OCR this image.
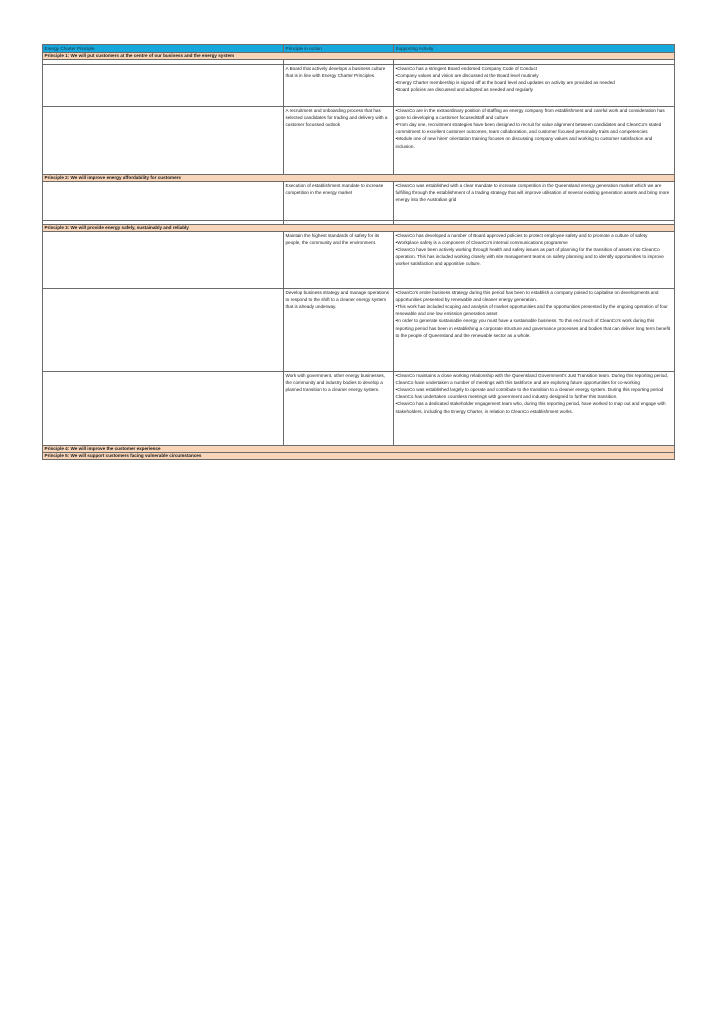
Energy Charter Principle	Principle in Action	Supporting Activity
Principle 1: We will put customers at the centre of our business and the energy system		

	A Board that actively develops a business culture that is in line with Energy Charter Principles.	•CleanCo has a stringent Board endorsed Company Code of Conduct
•Company values and vision are discussed at the Board level routinely
•Energy Charter membership is signed off at the board level and updates on activity are provided as needed
•Board policies are discussed and adopted as needed and regularly
	A recruitment and onboarding process that has selected candidates for trading and delivery with a customer focussed outlook	•CleanCo are in the extraordinary position of staffing an energy company from establishment and careful work and consideration has gone to developing a customer focusedstaff and culture
•From day one, recruitment strategies have been designed to recruit for value alignment between candidates and CleanCo's stated commitment to excellent customer outcomes, team collaboration, and customer focused personality traits and competencies
•Module one of new hires' orientation training focuses on discussing company values and working to customer satisfaction and inclusion.
Principle 2: We will improve energy affordability for customers		
	Execution of establishment mandate to increase competition in the energy market	•CleanCo was established with a clear mandate to increase competition in the Queensland energy generation market which we are fulfilling through the establishment of a trading strategy that will improve utilisation of several existing generation assets and bring more energy into the Australian grid

Principle 3: We will provide energy safely, sustainably and reliably		
	Maintain the highest standards of safety for its people, the community and the environment.	•CleanCo has developed a number of Board approved policies to protect employee safety and to promote a culture of safety
•Workplace safety is a component of CleanCo's internal communications programme
•CleanCo have been actively working through health and safety issues as part of planning for the transition of assets into CleanCo operation. This has included working closely with site management teams on safety planning and to identify opportunities to improve worker satisfaction and appositive culture.
	Develop business strategy and manage operations to respond to the shift to a cleaner energy system that is already underway.	•CleanCo's entire business strategy during this period has been to establish a company poised to capitalise on developments and opportunities presented by renewable and cleaner energy generation.
•This work has included scoping and analysis of market opportunities and the opportunities presented by the ongoing operation of four renewable and one low emission generation asset
•In order to generate sustainable energy you must have a sustainable business. To this end much of CleanCo's work during this reporting period has been in establishing a corporate structure and governance processes and bodies that can deliver long term benefit to the people of Queensland and the renewable sector as a whole.
	Work with government, other energy businesses, the community and industry bodies to develop a planned transition to a cleaner energy system.	•CleanCo maintains a close working relationship with the Queensland Government's Just Transition team. During this reporting period, CleanCo have undertaken a number of meetings with this taskforce and are exploring future opportunities for co-working
•CleanCo was established largely to operate and contribute to the transition to a cleaner energy system. During this reporting period CleanCo has undertaken countless meetings with government and industry designed to further this transition.
•CleanCo has a dedicated stakeholder engagement team who, during this reporting period, have worked to map out and engage with stakeholders, including the Energy Charter, in relation to CleanCo establishment works.
Principle 4: We will improve the customer experience		
Principle 5: We will support customers facing vulnerable circumstances		
